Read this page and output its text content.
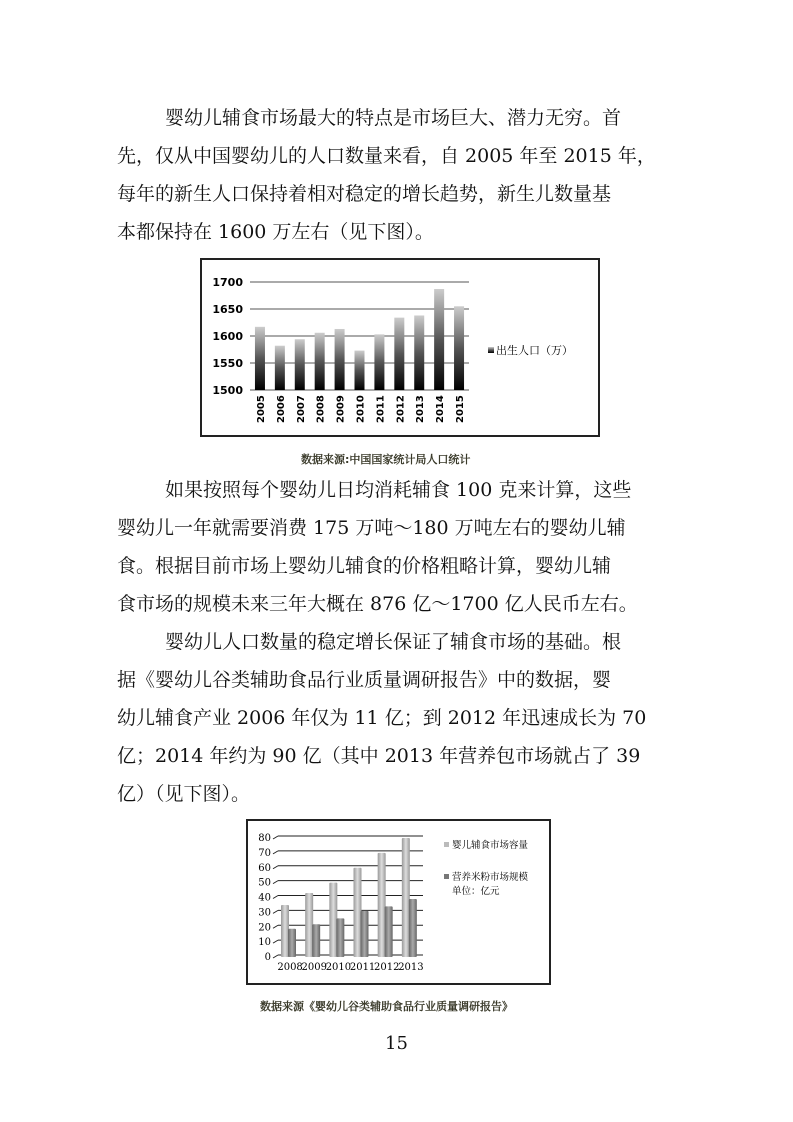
婴幼儿辅食市场最大的特点是市场巨大、潜力无穷。首
先，仅从中国婴幼儿的人口数量来看，自 2005 年至 2015 年，
每年的新生人口保持着相对稳定的增长趋势，新生儿数量基
本都保持在 1600 万左右（见下图）。
1500
1550
1600
1650
1700
2005 2006 2007 2008 2009 2010 2011 2012 2013 2014 2015
出生人口（万）
数据来源:中国国家统计局人口统计
如果按照每个婴幼儿日均消耗辅食 100 克来计算，这些
婴幼儿一年就需要消费 175 万吨～180 万吨左右的婴幼儿辅
食。根据目前市场上婴幼儿辅食的价格粗略计算，婴幼儿辅
食市场的规模未来三年大概在 876 亿～1700 亿人民币左右。
0
10
20
30
40
50
60
70
80
2008
2009
2010
2011
2012
2013
婴儿辅食市场容量
营养米粉市场规模
单位：亿元
数据来源《婴幼儿谷类辅助食品行业质量调研报告》
15
婴幼儿人口数量的稳定增长保证了辅食市场的基础。根
据《婴幼儿谷类辅助食品行业质量调研报告》中的数据，婴
幼儿辅食产业 2006 年仅为 11 亿；到 2012 年迅速成长为 70
亿；2014 年约为 90 亿（其中 2013 年营养包市场就占了 39
亿）（见下图）。
